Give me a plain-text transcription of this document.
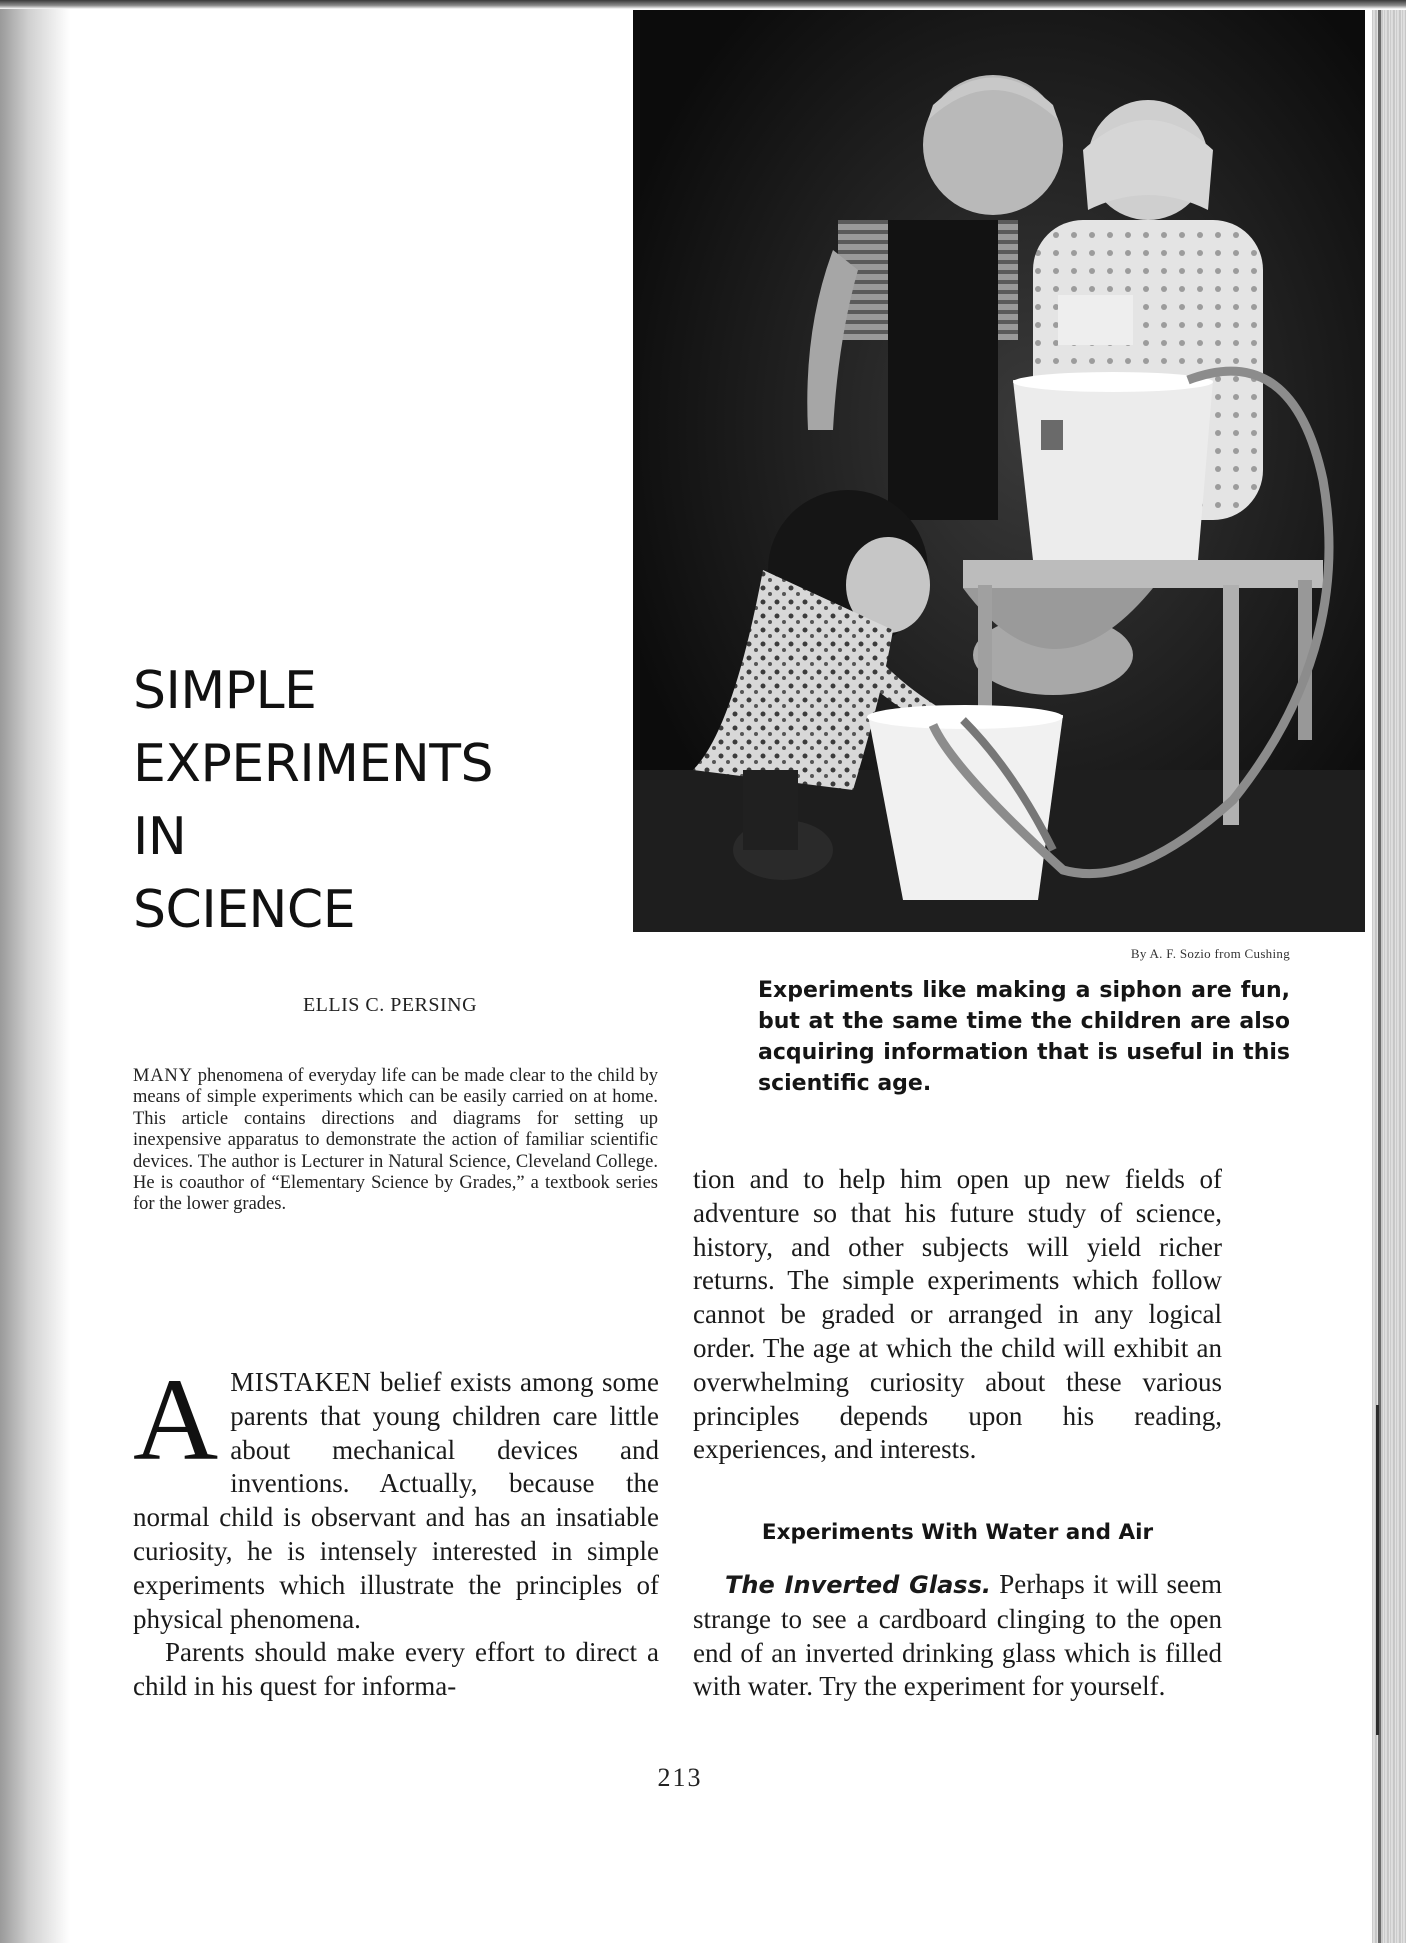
By A. F. Sozio from Cushing
Experiments like making a siphon are fun, but at the same time the children are also acquiring information that is useful in this scientific age.
SIMPLE
EXPERIMENTS
IN
SCIENCE
ELLIS C. PERSING
MANY phenomena of everyday life can be made clear to the child by means of simple experiments which can be easily carried on at home. This article contains directions and diagrams for setting up inexpensive apparatus to demonstrate the action of familiar scientific devices. The author is Lecturer in Natural Science, Cleveland College. He is coauthor of “Elementary Science by Grades,” a textbook series for the lower grades.
AMISTAKEN belief exists among some parents that young children care little about mechanical devices and inventions. Actually, because the normal child is observant and has an insatiable curiosity, he is intensely interested in simple experiments which illustrate the principles of physical phenomena.
Parents should make every effort to direct a child in his quest for informa-
tion and to help him open up new fields of adventure so that his future study of science, history, and other subjects will yield richer returns. The simple experiments which follow cannot be graded or arranged in any logical order. The age at which the child will exhibit an overwhelming curiosity about these various principles depends upon his reading, experiences, and interests.
Experiments With Water and Air
The Inverted Glass. Perhaps it will seem strange to see a cardboard clinging to the open end of an inverted drinking glass which is filled with water. Try the experiment for yourself.
213
